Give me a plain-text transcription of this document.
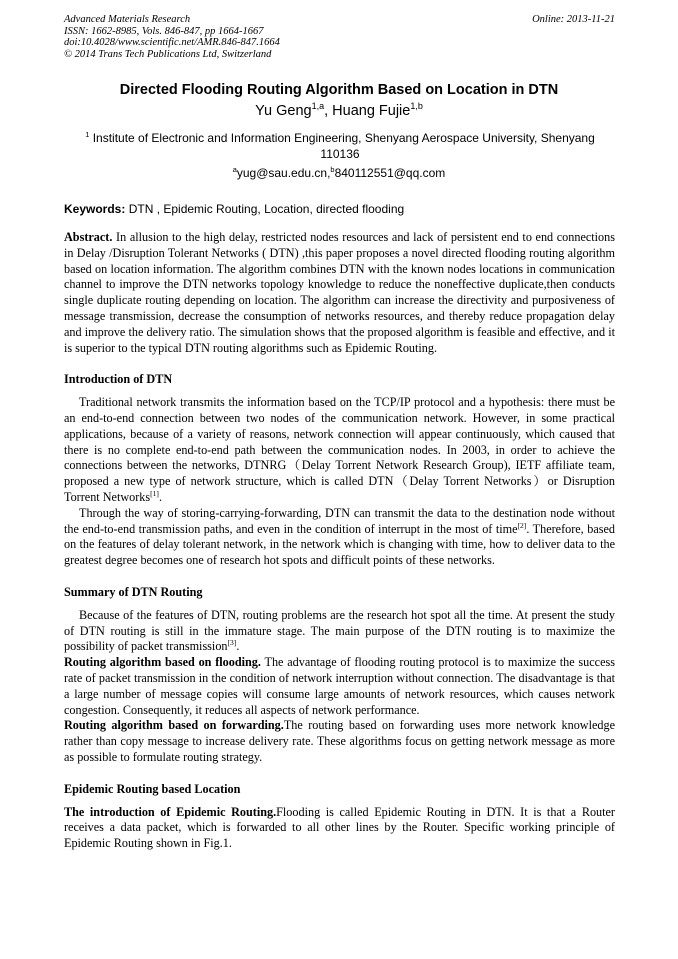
Advanced Materials Research
ISSN: 1662-8985, Vols. 846-847, pp 1664-1667
doi:10.4028/www.scientific.net/AMR.846-847.1664
© 2014 Trans Tech Publications Ltd, Switzerland
Online: 2013-11-21
Directed Flooding Routing Algorithm Based on Location in DTN
Yu Geng$^{1,a}$, Huang Fujie$^{1,b}$
$^1$ Institute of Electronic and Information Engineering, Shenyang Aerospace University, Shenyang 110136
$^a$yug@sau.edu.cn,$^b$840112551@qq.com
Keywords: DTN , Epidemic Routing, Location, directed flooding

Abstract. In allusion to the high delay, restricted nodes resources and lack of persistent end to end connections in Delay /Disruption Tolerant Networks ( DTN) ,this paper proposes a novel directed flooding routing algorithm based on location information. The algorithm combines DTN with the known nodes locations in communication channel to improve the DTN networks topology knowledge to reduce the noneffective duplicate,then conducts single duplicate routing depending on location. The algorithm can increase the directivity and purposiveness of message transmission, decrease the consumption of networks resources, and thereby reduce propagation delay and improve the delivery ratio. The simulation shows that the proposed algorithm is feasible and effective, and it is superior to the typical DTN routing algorithms such as Epidemic Routing.

Introduction of DTN

Traditional network transmits the information based on the TCP/IP protocol and a hypothesis: there must be an end-to-end connection between two nodes of the communication network. However, in some practical applications, because of a variety of reasons, network connection will appear continuously, which caused that there is no complete end-to-end path between the communication nodes. In 2003, in order to achieve the connections between the networks, DTNRG（Delay Torrent Network Research Group), IETF affiliate team, proposed a new type of network structure, which is called DTN（Delay Torrent Networks）or Disruption Torrent Networks[1].

Through the way of storing-carrying-forwarding, DTN can transmit the data to the destination node without the end-to-end transmission paths, and even in the condition of interrupt in the most of time[2]. Therefore, based on the features of delay tolerant network, in the network which is changing with time, how to deliver data to the greatest degree becomes one of research hot spots and difficult points of these networks.

Summary of DTN Routing

Because of the features of DTN, routing problems are the research hot spot all the time. At present the study of DTN routing is still in the immature stage. The main purpose of the DTN routing is to maximize the possibility of packet transmission[3].

Routing algorithm based on flooding. The advantage of flooding routing protocol is to maximize the success rate of packet transmission in the condition of network interruption without connection. The disadvantage is that a large number of message copies will consume large amounts of network resources, which causes network congestion. Consequently, it reduces all aspects of network performance.

Routing algorithm based on forwarding.The routing based on forwarding uses more network knowledge rather than copy message to increase delivery rate. These algorithms focus on getting network message as more as possible to formulate routing strategy.

Epidemic Routing based Location

The introduction of Epidemic Routing.Flooding is called Epidemic Routing in DTN. It is that a Router receives a data packet, which is forwarded to all other lines by the Router. Specific working principle of Epidemic Routing shown in Fig.1.
